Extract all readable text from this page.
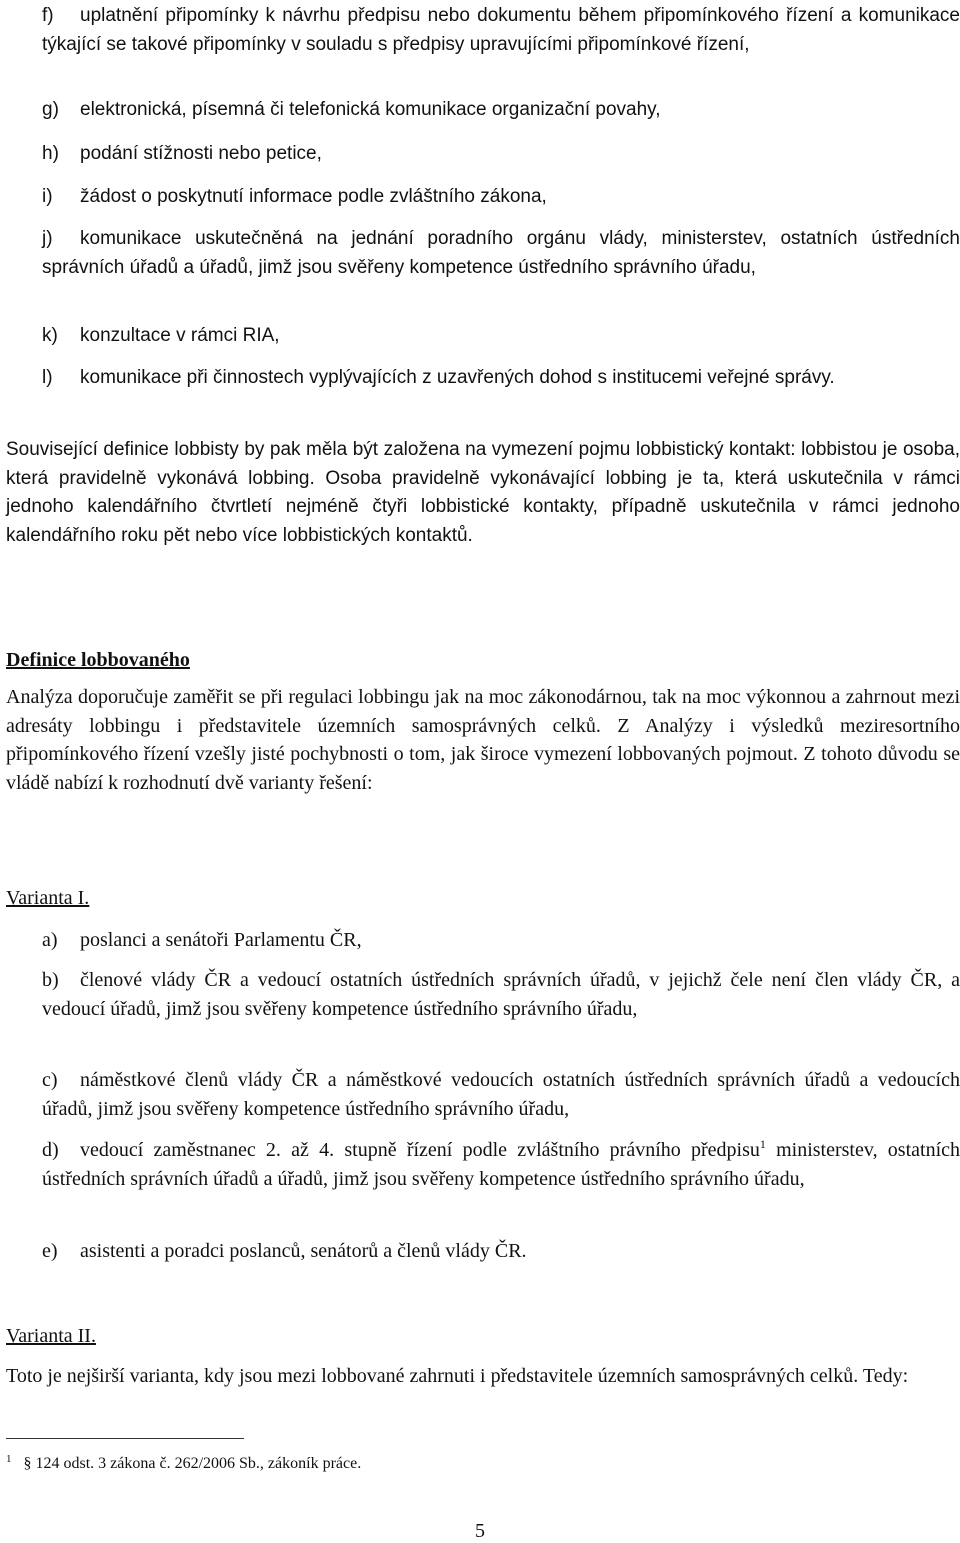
f) uplatnění připomínky k návrhu předpisu nebo dokumentu během připomínkového řízení a komunikace týkající se takové připomínky v souladu s předpisy upravujícími připomínkové řízení,

g) elektronická, písemná či telefonická komunikace organizační povahy,

h) podání stížnosti nebo petice,

i) žádost o poskytnutí informace podle zvláštního zákona,

j) komunikace uskutečněná na jednání poradního orgánu vlády, ministerstev, ostatních ústředních správních úřadů a úřadů, jimž jsou svěřeny kompetence ústředního správního úřadu,

k) konzultace v rámci RIA,

l) komunikace při činnostech vyplývajících z uzavřených dohod s institucemi veřejné správy.

Související definice lobbisty by pak měla být založena na vymezení pojmu lobbistický kontakt: lobbistou je osoba, která pravidelně vykonává lobbing. Osoba pravidelně vykonávající lobbing je ta, která uskutečnila v rámci jednoho kalendářního čtvrtletí nejméně čtyři lobbistické kontakty, případně uskutečnila v rámci jednoho kalendářního roku pět nebo více lobbistických kontaktů.

Definice lobbovaného

Analýza doporučuje zaměřit se při regulaci lobbingu jak na moc zákonodárnou, tak na moc výkonnou a zahrnout mezi adresáty lobbingu i představitele územních samosprávných celků. Z Analýzy i výsledků meziresortního připomínkového řízení vzešly jisté pochybnosti o tom, jak široce vymezení lobbovaných pojmout. Z tohoto důvodu se vládě nabízí k rozhodnutí dvě varianty řešení:

Varianta I.

a) poslanci a senátoři Parlamentu ČR,

b) členové vlády ČR a vedoucí ostatních ústředních správních úřadů, v jejichž čele není člen vlády ČR, a vedoucí úřadů, jimž jsou svěřeny kompetence ústředního správního úřadu,

c) náměstkové členů vlády ČR a náměstkové vedoucích ostatních ústředních správních úřadů a vedoucích úřadů, jimž jsou svěřeny kompetence ústředního správního úřadu,

d) vedoucí zaměstnanec 2. až 4. stupně řízení podle zvláštního právního předpisu$^1$ ministerstev, ostatních ústředních správních úřadů a úřadů, jimž jsou svěřeny kompetence ústředního správního úřadu,

e) asistenti a poradci poslanců, senátorů a členů vlády ČR.

Varianta II.

Toto je nejširší varianta, kdy jsou mezi lobbované zahrnuti i představitele územních samosprávných celků. Tedy:

$^1$ § 124 odst. 3 zákona č. 262/2006 Sb., zákoník práce.
5
